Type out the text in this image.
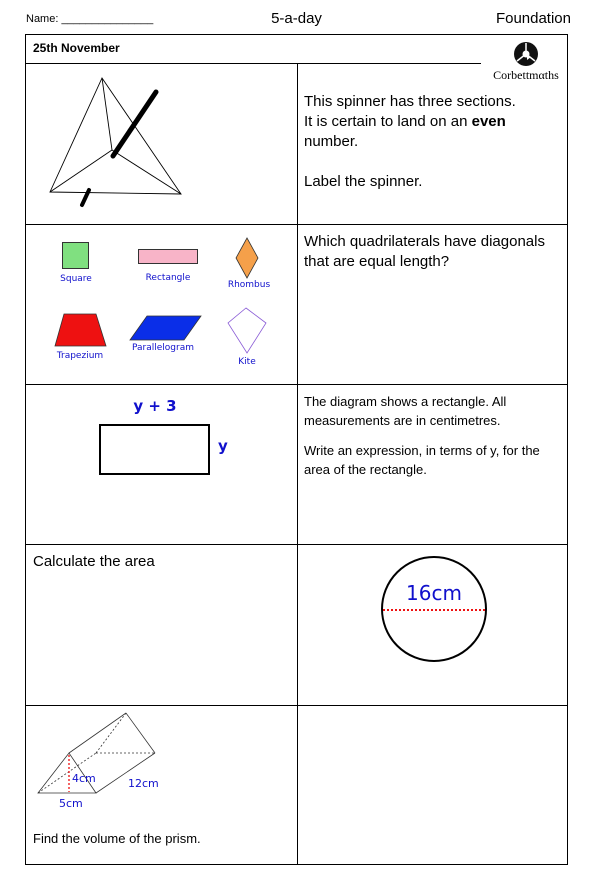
Name: _______________	5-a-day	Foundation
25th November
Corbettmαths
This spinner has three sections.
It is certain to land on an even
number.
Label the spinner.
Square	Rectangle
Rhombus
Trapezium
Parallelogram
Kite
Which quadrilaterals have diagonals that are equal length?
y + 3
y
The diagram shows a rectangle. All measurements are in centimetres.
Write an expression, in terms of y, for the area of the rectangle.
Calculate the area
16cm
4cm
5cm
12cm
Find the volume of the prism.
